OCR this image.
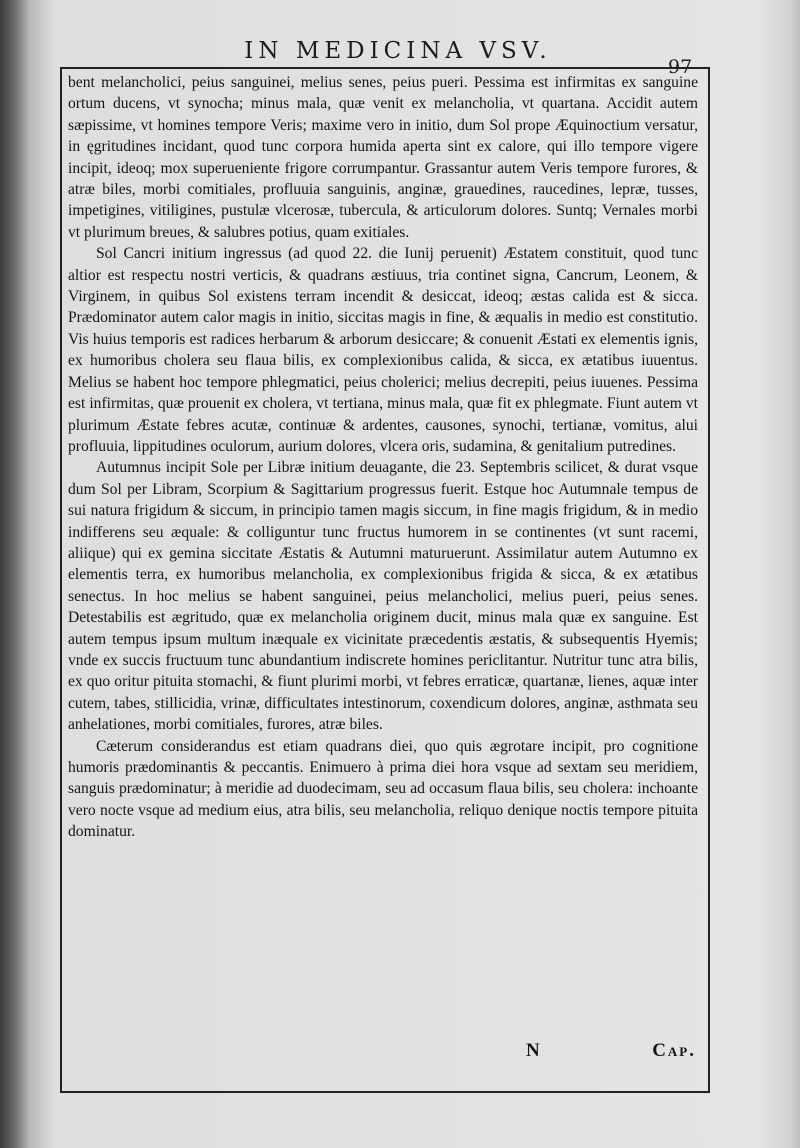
IN MEDICINA VSV.
97

bent melancholici, peius sanguinei, melius senes, peius pueri. Pessima est infirmitas ex sanguine ortum ducens, vt synocha; minus mala, quæ venit ex melancholia, vt quartana. Accidit autem sæpissime, vt homines tempore Veris; maxime vero in initio, dum Sol prope Æquinoctium versatur, in ęgritudines incidant, quod tunc corpora humida aperta sint ex calore, qui illo tempore vigere incipit, ideoq; mox superueniente frigore corrumpantur. Grassantur autem Veris tempore furores, & atræ biles, morbi comitiales, profluuia sanguinis, anginæ, grauedines, raucedines, lepræ, tusses, impetigines, vitiligines, pustulæ vlcerosæ, tubercula, & articulorum dolores. Suntq; Vernales morbi vt plurimum breues, & salubres potius, quam exitiales.

Sol Cancri initium ingressus (ad quod 22. die Iunij peruenit) Æstatem constituit, quod tunc altior est respectu nostri verticis, & quadrans æstiuus, tria continet signa, Cancrum, Leonem, & Virginem, in quibus Sol existens terram incendit & desiccat, ideoq; æstas calida est & sicca. Prædominator autem calor magis in initio, siccitas magis in fine, & æqualis in medio est constitutio. Vis huius temporis est radices herbarum & arborum desiccare; & conuenit Æstati ex elementis ignis, ex humoribus cholera seu flaua bilis, ex complexionibus calida, & sicca, ex ætatibus iuuentus. Melius se habent hoc tempore phlegmatici, peius cholerici; melius decrepiti, peius iuuenes. Pessima est infirmitas, quæ prouenit ex cholera, vt tertiana, minus mala, quæ fit ex phlegmate. Fiunt autem vt plurimum Æstate febres acutæ, continuæ & ardentes, causones, synochi, tertianæ, vomitus, alui profluuia, lippitudines oculorum, aurium dolores, vlcera oris, sudamina, & genitalium putredines.

Autumnus incipit Sole per Libræ initium deuagante, die 23. Septembris scilicet, & durat vsque dum Sol per Libram, Scorpium & Sagittarium progressus fuerit. Estque hoc Autumnale tempus de sui natura frigidum & siccum, in principio tamen magis siccum, in fine magis frigidum, & in medio indifferens seu æquale: & colliguntur tunc fructus humorem in se continentes (vt sunt racemi, aliique) qui ex gemina siccitate Æstatis & Autumni maturuerunt. Assimilatur autem Autumno ex elementis terra, ex humoribus melancholia, ex complexionibus frigida & sicca, & ex ætatibus senectus. In hoc melius se habent sanguinei, peius melancholici, melius pueri, peius senes. Detestabilis est ægritudo, quæ ex melancholia originem ducit, minus mala quæ ex sanguine. Est autem tempus ipsum multum inæquale ex vicinitate præcedentis æstatis, & subsequentis Hyemis; vnde ex succis fructuum tunc abundantium indiscrete homines periclitantur. Nutritur tunc atra bilis, ex quo oritur pituita stomachi, & fiunt plurimi morbi, vt febres erraticæ, quartanæ, lienes, aquæ inter cutem, tabes, stillicidia, vrinæ, difficultates intestinorum, coxendicum dolores, anginæ, asthmata seu anhelationes, morbi comitiales, furores, atræ biles.

Cæterum considerandus est etiam quadrans diei, quo quis ægrotare incipit, pro cognitione humoris prædominantis & peccantis. Enimuero à prima diei hora vsque ad sextam seu meridiem, sanguis prædominatur; à meridie ad duodecimam, seu ad occasum flaua bilis, seu cholera: inchoante vero nocte vsque ad medium eius, atra bilis, seu melancholia, reliquo denique noctis tempore pituita dominatur.

N	Cap.
